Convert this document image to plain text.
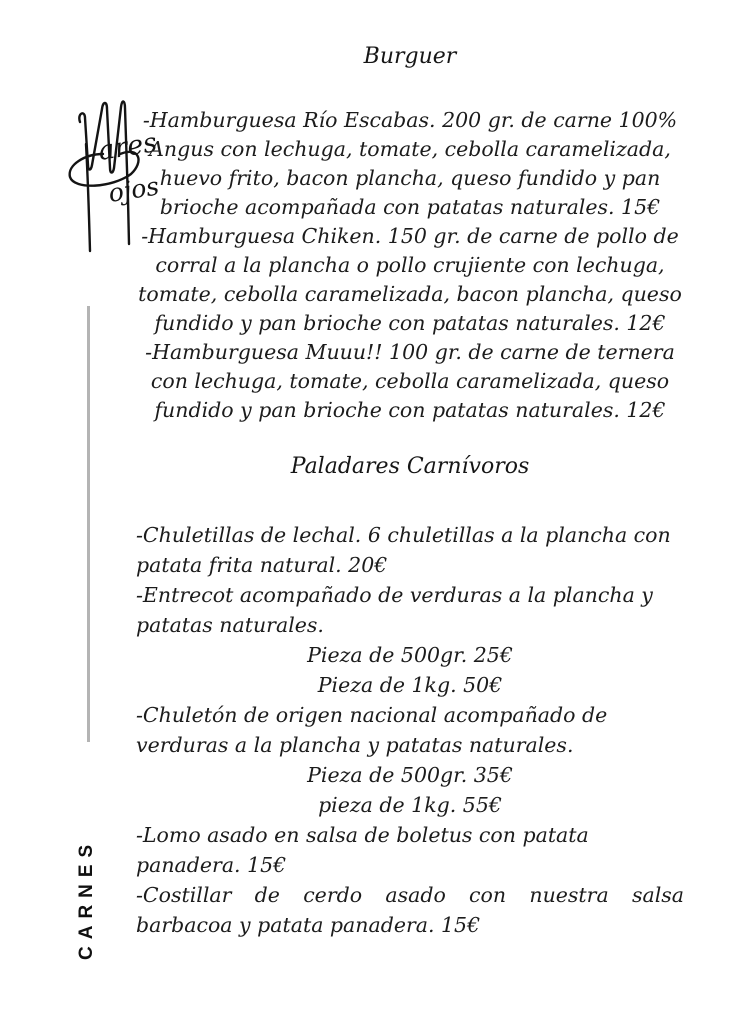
ares
ojos
Burguer

-Hamburguesa Río Escabas. 200 gr. de carne 100% Angus con lechuga, tomate, cebolla caramelizada, huevo frito, bacon plancha, queso fundido y pan brioche acompañada con patatas naturales. 15€

-Hamburguesa Chiken. 150 gr. de carne de pollo de corral a la plancha o pollo crujiente con lechuga, tomate, cebolla caramelizada, bacon plancha, queso fundido y pan brioche con patatas naturales. 12€

-Hamburguesa Muuu!! 100 gr. de carne de ternera con lechuga, tomate, cebolla caramelizada, queso fundido y pan brioche con patatas naturales. 12€

Paladares Carnívoros

-Chuletillas de lechal. 6 chuletillas a la plancha con patata frita natural. 20€

-Entrecot acompañado de verduras a la plancha y patatas naturales.

Pieza de 500gr. 25€

Pieza de 1kg. 50€

-Chuletón de origen nacional acompañado de verduras a la plancha y patatas naturales.

Pieza de 500gr. 35€

pieza de 1kg. 55€

-Lomo asado en salsa de boletus con patata panadera. 15€

-Costillar de cerdo asado con nuestra salsa barbacoa y patata panadera. 15€

CARNES
